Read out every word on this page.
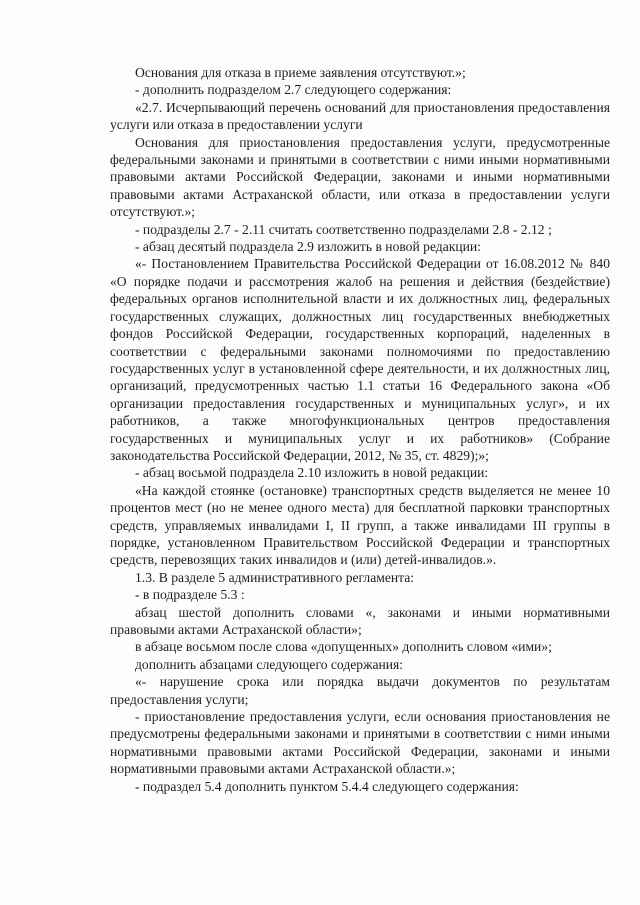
Основания для отказа в приеме заявления отсутствуют.»;

- дополнить подразделом 2.7 следующего содержания:

«2.7. Исчерпывающий перечень оснований для приостановления предоставления услуги или отказа в предоставлении услуги

Основания для приостановления предоставления услуги, предусмотренные федеральными законами и принятыми в соответствии с ними иными нормативными правовыми актами Российской Федерации, законами и иными нормативными правовыми актами Астраханской области, или отказа в предоставлении услуги отсутствуют.»;

- подразделы 2.7 - 2.11 считать соответственно подразделами 2.8 - 2.12 ;

- абзац десятый подраздела 2.9 изложить в новой редакции:

«- Постановлением Правительства Российской Федерации от 16.08.2012 № 840 «О порядке подачи и рассмотрения жалоб на решения и действия (бездействие) федеральных органов исполнительной власти и их должностных лиц, федеральных государственных служащих, должностных лиц государственных внебюджетных фондов Российской Федерации, государственных корпораций, наделенных в соответствии с федеральными законами полномочиями по предоставлению государственных услуг в установленной сфере деятельности, и их должностных лиц, организаций, предусмотренных частью 1.1 статьи 16 Федерального закона «Об организации предоставления государственных и муниципальных услуг», и их работников, а также многофункциональных центров предоставления государственных и муниципальных услуг и их работников» (Собрание законодательства Российской Федерации, 2012, № 35, ст. 4829);»;

- абзац восьмой подраздела 2.10 изложить в новой редакции:

«На каждой стоянке (остановке) транспортных средств выделяется не менее 10 процентов мест (но не менее одного места) для бесплатной парковки транспортных средств, управляемых инвалидами I, II групп, а также инвалидами III группы в порядке, установленном Правительством Российской Федерации и транспортных средств, перевозящих таких инвалидов и (или) детей-инвалидов.».

1.3. В разделе 5 административного регламента:

- в подразделе 5.3 :

абзац шестой дополнить словами «, законами и иными нормативными правовыми актами Астраханской области»;

в абзаце восьмом после слова «допущенных» дополнить словом «ими»;

дополнить абзацами следующего содержания:

«- нарушение срока или порядка выдачи документов по результатам предоставления услуги;

- приостановление предоставления услуги, если основания приостановления не предусмотрены федеральными законами и принятыми в соответствии с ними иными нормативными правовыми актами Российской Федерации, законами и иными нормативными правовыми актами Астраханской области.»;

- подраздел 5.4 дополнить пунктом 5.4.4 следующего содержания:
